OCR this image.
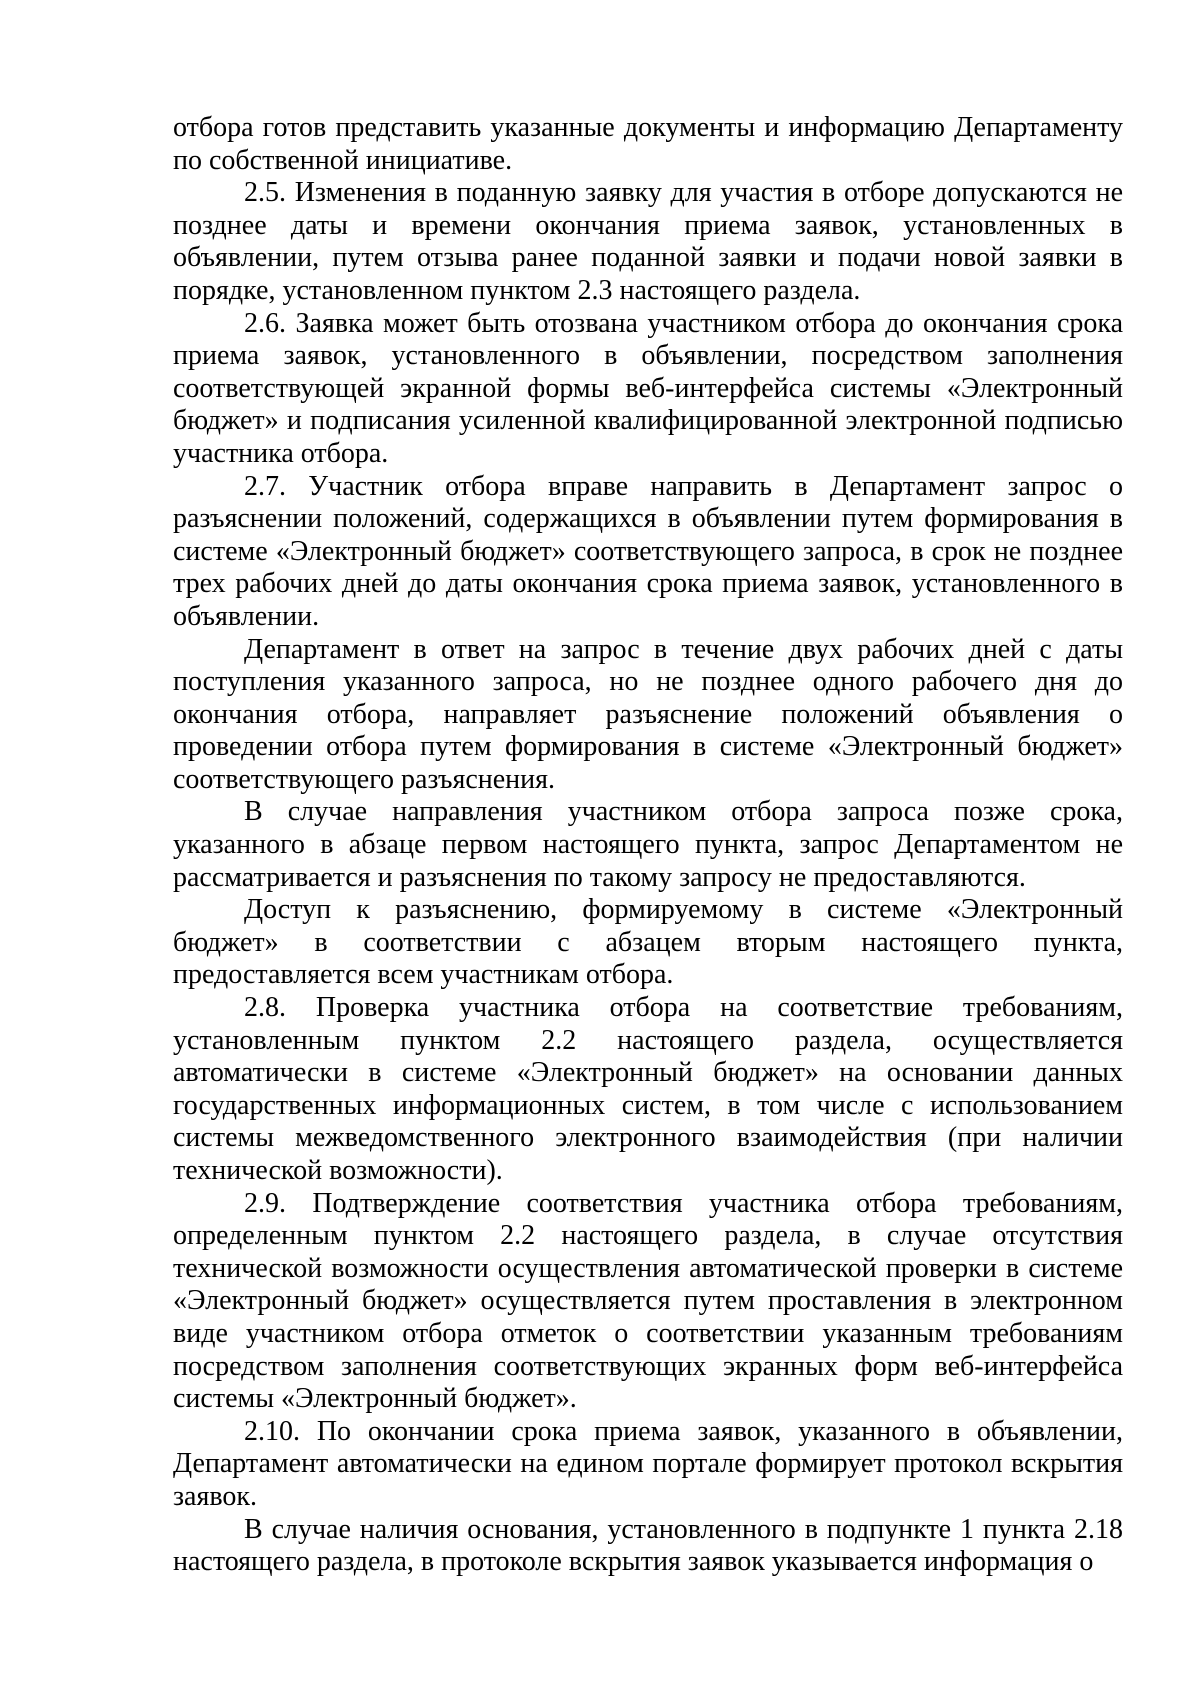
отбора готов представить указанные документы и информацию Департаменту по собственной инициативе.

2.5. Изменения в поданную заявку для участия в отборе допускаются не позднее даты и времени окончания приема заявок, установленных в объявлении, путем отзыва ранее поданной заявки и подачи новой заявки в порядке, установленном пунктом 2.3 настоящего раздела.

2.6. Заявка может быть отозвана участником отбора до окончания срока приема заявок, установленного в объявлении, посредством заполнения соответствующей экранной формы веб-интерфейса системы «Электронный бюджет» и подписания усиленной квалифицированной электронной подписью участника отбора.

2.7. Участник отбора вправе направить в Департамент запрос о разъяснении положений, содержащихся в объявлении путем формирования в системе «Электронный бюджет» соответствующего запроса, в срок не позднее трех рабочих дней до даты окончания срока приема заявок, установленного в объявлении.

Департамент в ответ на запрос в течение двух рабочих дней с даты поступления указанного запроса, но не позднее одного рабочего дня до окончания отбора, направляет разъяснение положений объявления о проведении отбора путем формирования в системе «Электронный бюджет» соответствующего разъяснения.

В случае направления участником отбора запроса позже срока, указанного в абзаце первом настоящего пункта, запрос Департаментом не рассматривается и разъяснения по такому запросу не предоставляются.

Доступ к разъяснению, формируемому в системе «Электронный бюджет» в соответствии с абзацем вторым настоящего пункта, предоставляется всем участникам отбора.

2.8. Проверка участника отбора на соответствие требованиям, установленным пунктом 2.2 настоящего раздела, осуществляется автоматически в системе «Электронный бюджет» на основании данных государственных информационных систем, в том числе с использованием системы межведомственного электронного взаимодействия (при наличии технической возможности).

2.9. Подтверждение соответствия участника отбора требованиям, определенным пунктом 2.2 настоящего раздела, в случае отсутствия технической возможности осуществления автоматической проверки в системе «Электронный бюджет» осуществляется путем проставления в электронном виде участником отбора отметок о соответствии указанным требованиям посредством заполнения соответствующих экранных форм веб-интерфейса системы «Электронный бюджет».

2.10. По окончании срока приема заявок, указанного в объявлении, Департамент автоматически на едином портале формирует протокол вскрытия заявок.

В случае наличия основания, установленного в подпункте 1 пункта 2.18 настоящего раздела, в протоколе вскрытия заявок указывается информация о
